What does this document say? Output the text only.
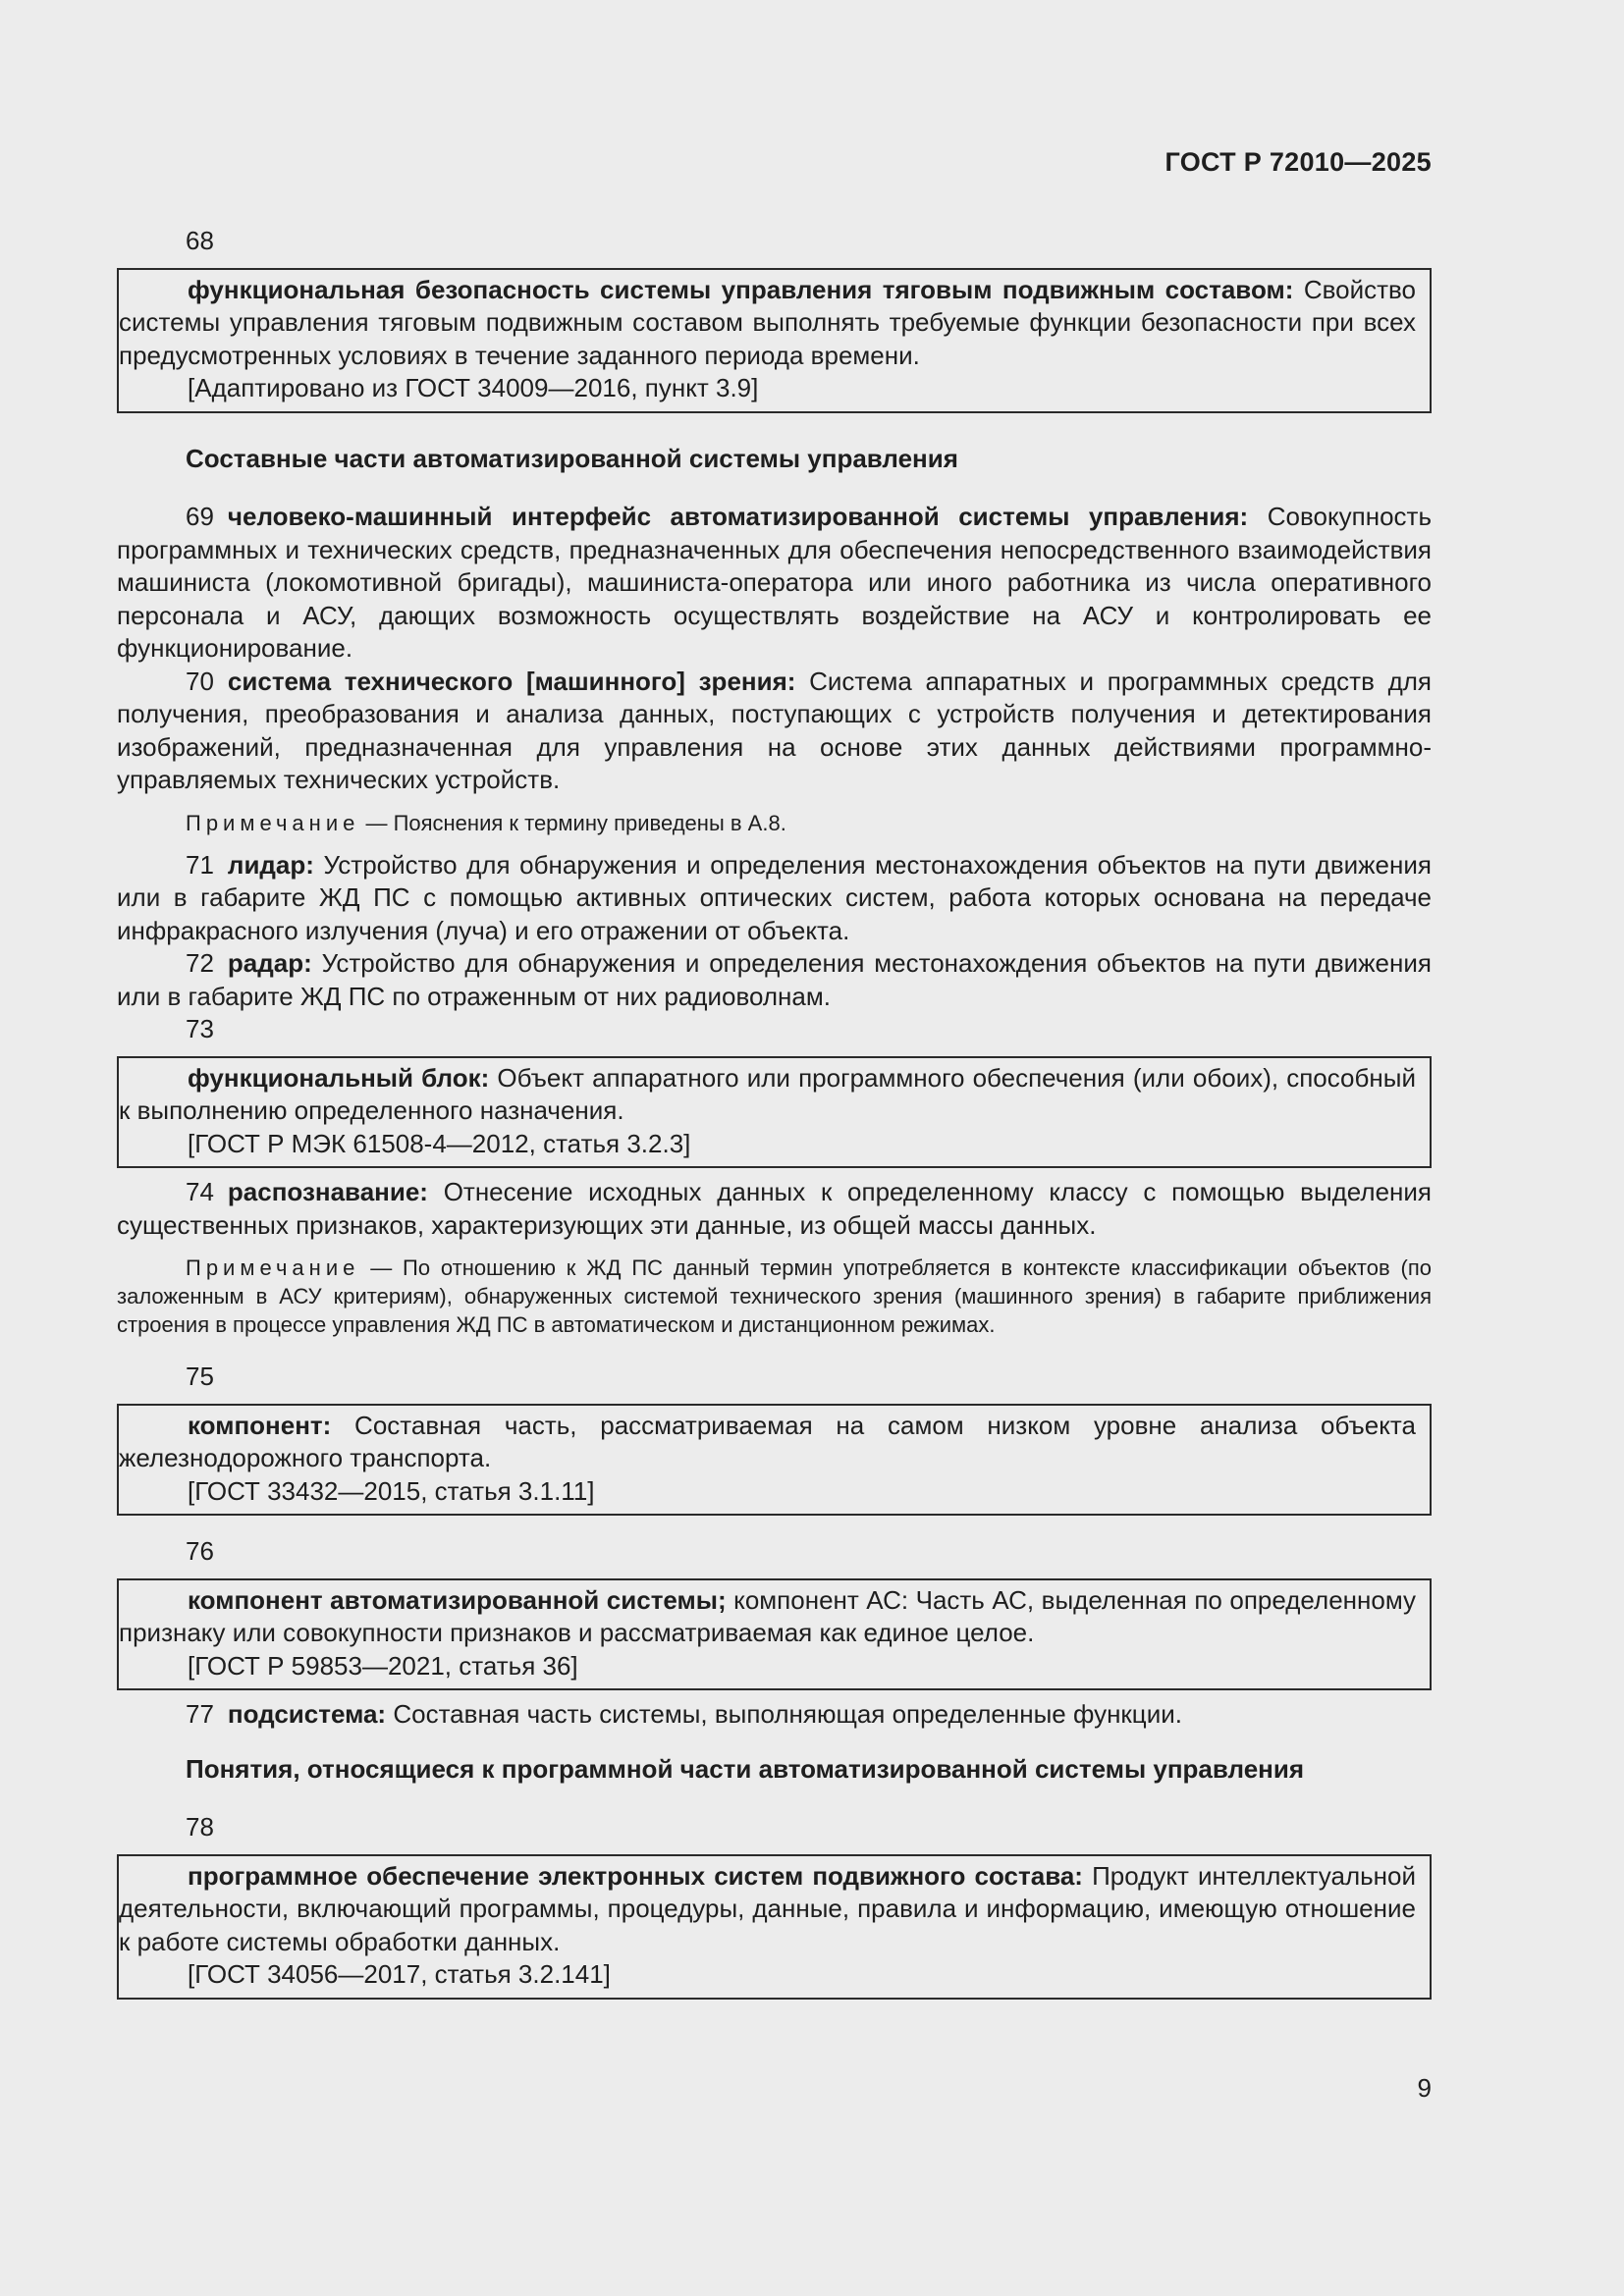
ГОСТ Р 72010—2025
68

функциональная безопасность системы управления тяговым подвижным составом: Свойство системы управления тяговым подвижным составом выполнять требуемые функции безопасности при всех предусмотренных условиях в течение заданного периода времени.

[Адаптировано из ГОСТ 34009—2016, пункт 3.9]
Составные части автоматизированной системы управления

69 человеко-машинный интерфейс автоматизированной системы управления: Совокупность программных и технических средств, предназначенных для обеспечения непосредственного взаимодействия машиниста (локомотивной бригады), машиниста-оператора или иного работника из числа оперативного персонала и АСУ, дающих возможность осуществлять воздействие на АСУ и контролировать ее функционирование.

70 система технического [машинного] зрения: Система аппаратных и программных средств для получения, преобразования и анализа данных, поступающих с устройств получения и детектирования изображений, предназначенная для управления на основе этих данных действиями программно-управляемых технических устройств.

Примечание — Пояснения к термину приведены в А.8.

71 лидар: Устройство для обнаружения и определения местонахождения объектов на пути движения или в габарите ЖД ПС с помощью активных оптических систем, работа которых основана на передаче инфракрасного излучения (луча) и его отражении от объекта.

72 радар: Устройство для обнаружения и определения местонахождения объектов на пути движения или в габарите ЖД ПС по отраженным от них радиоволнам.

73

функциональный блок: Объект аппаратного или программного обеспечения (или обоих), способный к выполнению определенного назначения.

[ГОСТ Р МЭК 61508-4—2012, статья 3.2.3]

74 распознавание: Отнесение исходных данных к определенному классу с помощью выделения существенных признаков, характеризующих эти данные, из общей массы данных.

Примечание — По отношению к ЖД ПС данный термин употребляется в контексте классификации объектов (по заложенным в АСУ критериям), обнаруженных системой технического зрения (машинного зрения) в габарите приближения строения в процессе управления ЖД ПС в автоматическом и дистанционном режимах.

75

компонент: Составная часть, рассматриваемая на самом низком уровне анализа объекта железнодорожного транспорта.

[ГОСТ 33432—2015, статья 3.1.11]
76

компонент автоматизированной системы; компонент АС: Часть АС, выделенная по определенному признаку или совокупности признаков и рассматриваемая как единое целое.

[ГОСТ Р 59853—2021, статья 36]

77 подсистема: Составная часть системы, выполняющая определенные функции.

Понятия, относящиеся к программной части автоматизированной системы управления
78

программное обеспечение электронных систем подвижного состава: Продукт интеллектуальной деятельности, включающий программы, процедуры, данные, правила и информацию, имеющую отношение к работе системы обработки данных.

[ГОСТ 34056—2017, статья 3.2.141]
9
